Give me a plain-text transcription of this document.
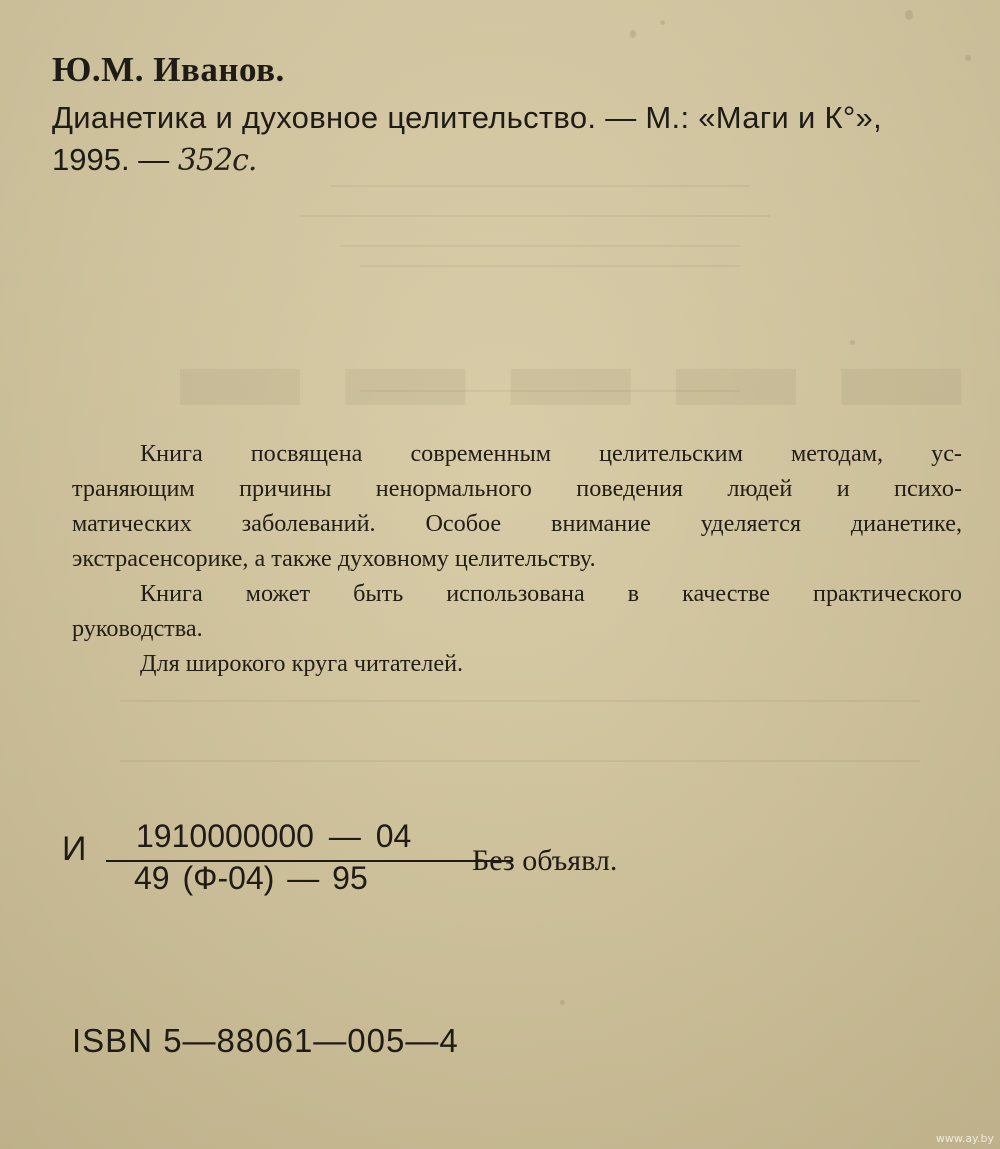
▬ ▬ ▬ ▬ ▬
Ю.М. Иванов.
Дианетика и духовное целительство. — М.: «Маги и К°»,
1995. — 352с.
Книга посвящена современным целительским методам, ус-
траняющим причины ненормального поведения людей и психо-
матических заболеваний. Особое внимание уделяется дианетике,
экстрасенсорике, а также духовному целительству.
Книга может быть использована в качестве практического
руководства.
Для широкого круга читателей.
И 1910000000 — 04
49 (Ф-04) — 95	Без объявл.
ISBN 5—88061—005—4
www.ay.by
